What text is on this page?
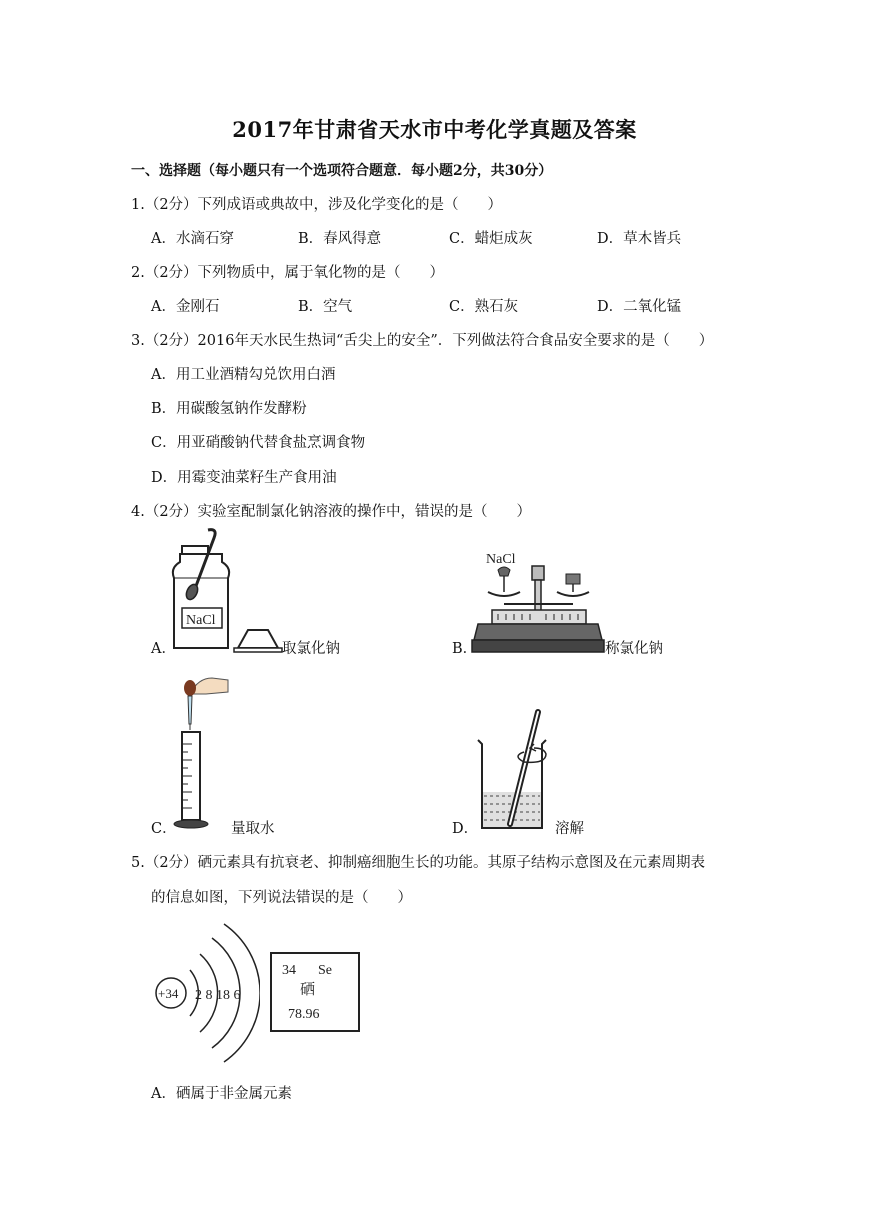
2017年甘肃省天水市中考化学真题及答案
一、选择题（每小题只有一个选项符合题意．每小题2分，共30分）
1.（2分）下列成语或典故中，涉及化学变化的是（　　）
A．水滴石穿	B．春风得意	C．蜡炬成灰	D．草木皆兵
2.（2分）下列物质中，属于氧化物的是（　　）
A．金刚石	B．空气	C．熟石灰	D．二氧化锰
3.（2分）2016年天水民生热词“舌尖上的安全”．下列做法符合食品安全要求的是（　　）
A．用工业酒精勾兑饮用白酒
B．用碳酸氢钠作发酵粉
C．用亚硝酸钠代替食盐烹调食物
D．用霉变油菜籽生产食用油
4.（2分）实验室配制氯化钠溶液的操作中，错误的是（　　）
NaCl
A．	取氯化钠
NaCl
B．	称氯化钠
C．	量取水	D．	溶解
5.（2分）硒元素具有抗衰老、抑制癌细胞生长的功能。其原子结构示意图及在元素周期表
的信息如图，下列说法错误的是（　　）
+34 2 8 18 6
34 Se
硒
78.96
A．硒属于非金属元素
